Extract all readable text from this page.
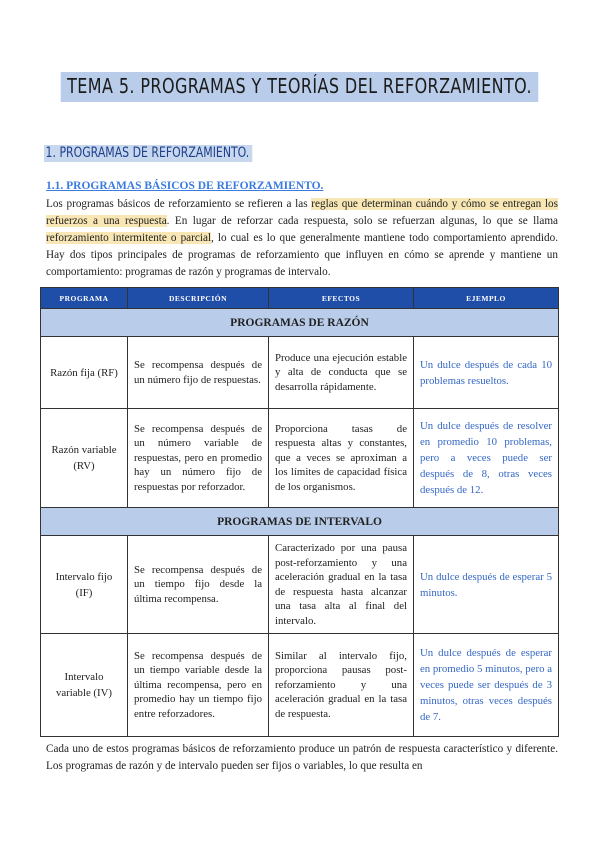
TEMA 5. PROGRAMAS Y TEORÍAS DEL REFORZAMIENTO.
1. PROGRAMAS DE REFORZAMIENTO.
1.1. PROGRAMAS BÁSICOS DE REFORZAMIENTO.
Los programas básicos de reforzamiento se refieren a las reglas que determinan cuándo y cómo se entregan los refuerzos a una respuesta. En lugar de reforzar cada respuesta, solo se refuerzan algunas, lo que se llama reforzamiento intermitente o parcial, lo cual es lo que generalmente mantiene todo comportamiento aprendido. Hay dos tipos principales de programas de reforzamiento que influyen en cómo se aprende y mantiene un comportamiento: programas de razón y programas de intervalo.
PROGRAMA	DESCRIPCIÓN	EFECTOS	EJEMPLO
PROGRAMAS DE RAZÓN			
Razón fija (RF)	Se recompensa después de un número fijo de respuestas.	Produce una ejecución estable y alta de conducta que se desarrolla rápidamente.	Un dulce después de cada 10 problemas resueltos.
Razón variable (RV)	Se recompensa después de un número variable de respuestas, pero en promedio hay un número fijo de respuestas por reforzador.	Proporciona tasas de respuesta altas y constantes, que a veces se aproximan a los límites de capacidad física de los organismos.	Un dulce después de resolver en promedio 10 problemas, pero a veces puede ser después de 8, otras veces después de 12.
PROGRAMAS DE INTERVALO			
Intervalo fijo (IF)	Se recompensa después de un tiempo fijo desde la última recompensa.	Caracterizado por una pausa post-reforzamiento y una aceleración gradual en la tasa de respuesta hasta alcanzar una tasa alta al final del intervalo.	Un dulce después de esperar 5 minutos.
Intervalo variable (IV)	Se recompensa después de un tiempo variable desde la última recompensa, pero en promedio hay un tiempo fijo entre reforzadores.	Similar al intervalo fijo, proporciona pausas post-reforzamiento y una aceleración gradual en la tasa de respuesta.	Un dulce después de esperar en promedio 5 minutos, pero a veces puede ser después de 3 minutos, otras veces después de 7.
Cada uno de estos programas básicos de reforzamiento produce un patrón de respuesta característico y diferente. Los programas de razón y de intervalo pueden ser fijos o variables, lo que resulta en
